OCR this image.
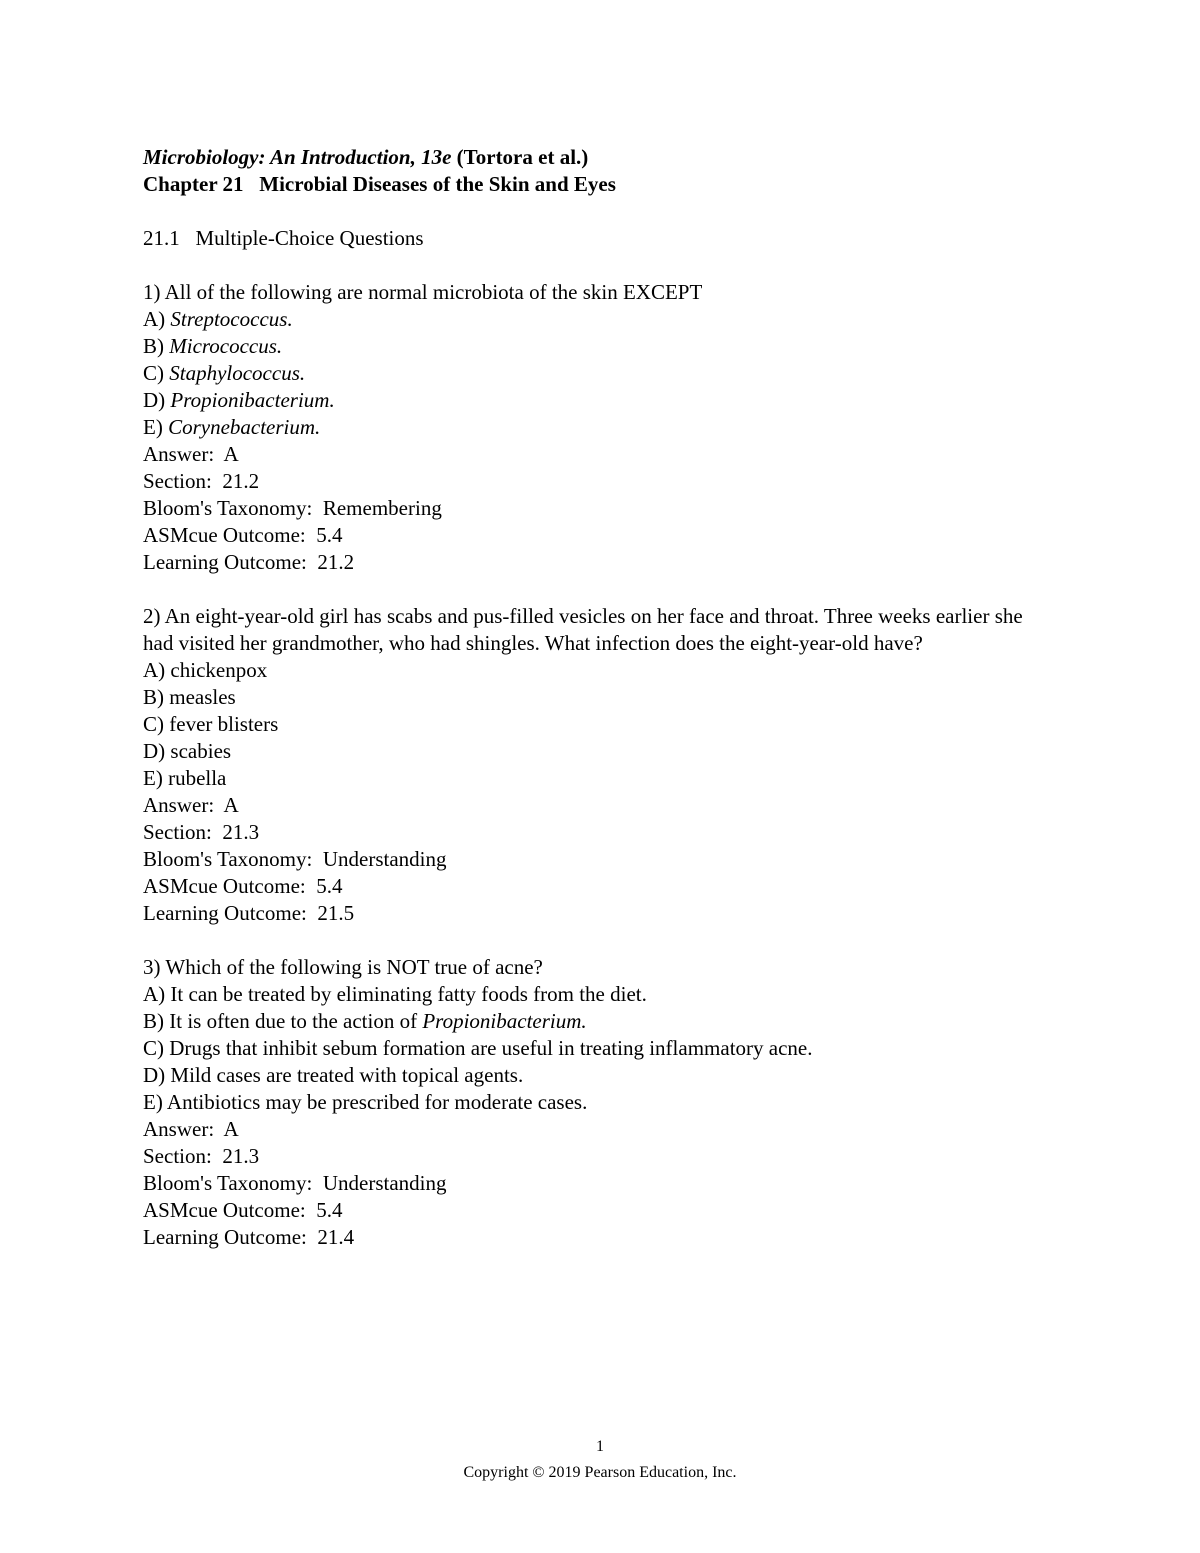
Microbiology: An Introduction, 13e (Tortora et al.)
Chapter 21   Microbial Diseases of the Skin and Eyes
21.1   Multiple-Choice Questions
1) All of the following are normal microbiota of the skin EXCEPT
A) Streptococcus.
B) Micrococcus.
C) Staphylococcus.
D) Propionibacterium.
E) Corynebacterium.
Answer:  A
Section:  21.2
Bloom's Taxonomy:  Remembering
ASMcue Outcome:  5.4
Learning Outcome:  21.2
2) An eight-year-old girl has scabs and pus-filled vesicles on her face and throat. Three weeks earlier she had visited her grandmother, who had shingles. What infection does the eight-year-old have?
A) chickenpox
B) measles
C) fever blisters
D) scabies
E) rubella
Answer:  A
Section:  21.3
Bloom's Taxonomy:  Understanding
ASMcue Outcome:  5.4
Learning Outcome:  21.5
3) Which of the following is NOT true of acne?
A) It can be treated by eliminating fatty foods from the diet.
B) It is often due to the action of Propionibacterium.
C) Drugs that inhibit sebum formation are useful in treating inflammatory acne.
D) Mild cases are treated with topical agents.
E) Antibiotics may be prescribed for moderate cases.
Answer:  A
Section:  21.3
Bloom's Taxonomy:  Understanding
ASMcue Outcome:  5.4
Learning Outcome:  21.4
1
Copyright © 2019 Pearson Education, Inc.
